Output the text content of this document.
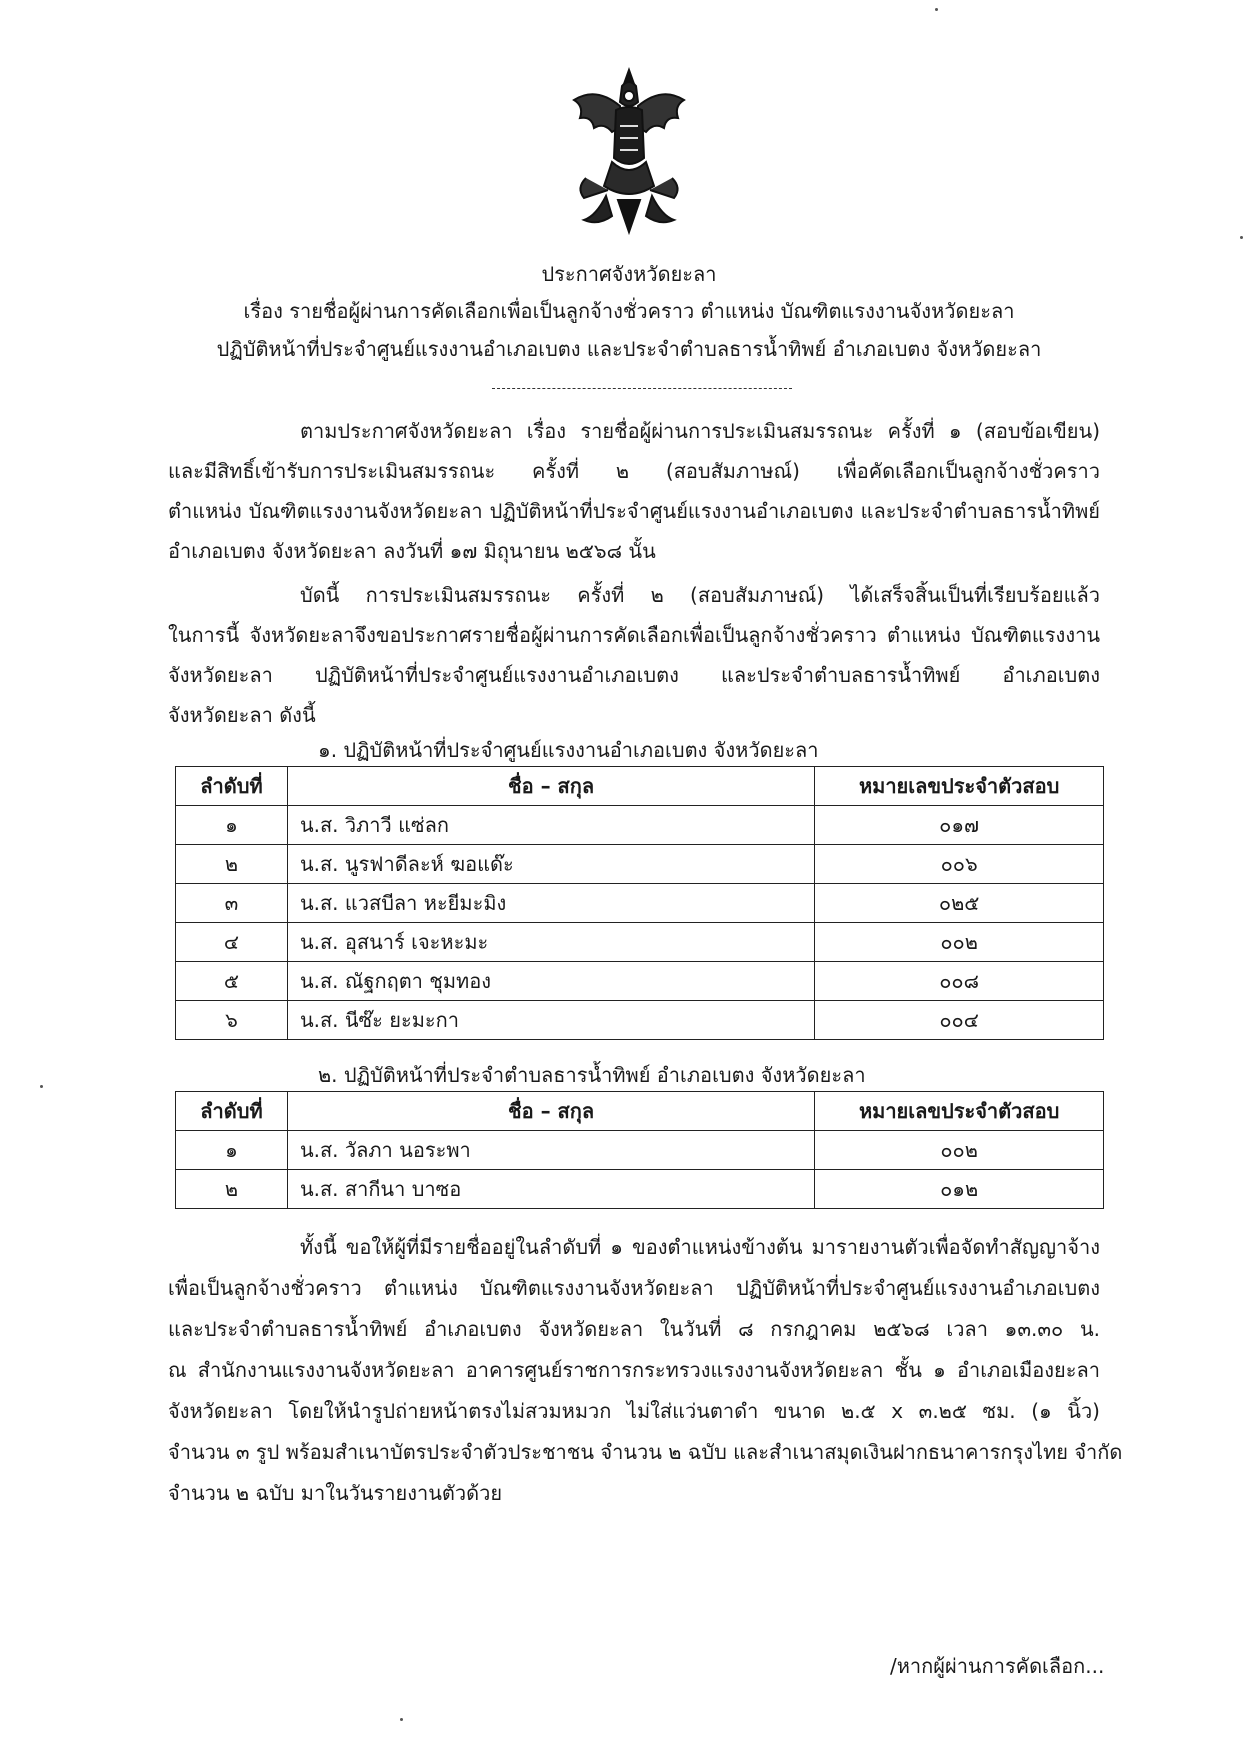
ประกาศจังหวัดยะลา
เรื่อง รายชื่อผู้ผ่านการคัดเลือกเพื่อเป็นลูกจ้างชั่วคราว ตำแหน่ง บัณฑิตแรงงานจังหวัดยะลา
ปฏิบัติหน้าที่ประจำศูนย์แรงงานอำเภอเบตง และประจำตำบลธารน้ำทิพย์ อำเภอเบตง จังหวัดยะลา
ตามประกาศจังหวัดยะลา เรื่อง รายชื่อผู้ผ่านการประเมินสมรรถนะ ครั้งที่ ๑ (สอบข้อเขียน)
และมีสิทธิ์เข้ารับการประเมินสมรรถนะ ครั้งที่ ๒ (สอบสัมภาษณ์) เพื่อคัดเลือกเป็นลูกจ้างชั่วคราว
ตำแหน่ง บัณฑิตแรงงานจังหวัดยะลา ปฏิบัติหน้าที่ประจำศูนย์แรงงานอำเภอเบตง และประจำตำบลธารน้ำทิพย์
อำเภอเบตง จังหวัดยะลา ลงวันที่ ๑๗ มิถุนายน ๒๕๖๘ นั้น
บัดนี้ การประเมินสมรรถนะ ครั้งที่ ๒ (สอบสัมภาษณ์) ได้เสร็จสิ้นเป็นที่เรียบร้อยแล้ว
ในการนี้ จังหวัดยะลาจึงขอประกาศรายชื่อผู้ผ่านการคัดเลือกเพื่อเป็นลูกจ้างชั่วคราว ตำแหน่ง บัณฑิตแรงงาน
จังหวัดยะลา ปฏิบัติหน้าที่ประจำศูนย์แรงงานอำเภอเบตง และประจำตำบลธารน้ำทิพย์ อำเภอเบตง
จังหวัดยะลา ดังนี้
๑. ปฏิบัติหน้าที่ประจำศูนย์แรงงานอำเภอเบตง จังหวัดยะลา
ลำดับที่	ชื่อ – สกุล	หมายเลขประจำตัวสอบ
๑	น.ส. วิภาวี แซ่ลก	๐๑๗
๒	น.ส. นูรฟาดีละห์ ฆอแด๊ะ	๐๐๖
๓	น.ส. แวสบีลา หะยีมะมิง	๐๒๕
๔	น.ส. อุสนาร์ เจะหะมะ	๐๐๒
๕	น.ส. ณัฐกฤตา ชุมทอง	๐๐๘
๖	น.ส. นีซ๊ะ ยะมะกา	๐๐๔
๒. ปฏิบัติหน้าที่ประจำตำบลธารน้ำทิพย์ อำเภอเบตง จังหวัดยะลา
ลำดับที่	ชื่อ – สกุล	หมายเลขประจำตัวสอบ
๑	น.ส. วัลภา นอระพา	๐๐๒
๒	น.ส. สากีนา บาซอ	๐๑๒
ทั้งนี้ ขอให้ผู้ที่มีรายชื่ออยู่ในลำดับที่ ๑ ของตำแหน่งข้างต้น มารายงานตัวเพื่อจัดทำสัญญาจ้าง
เพื่อเป็นลูกจ้างชั่วคราว ตำแหน่ง บัณฑิตแรงงานจังหวัดยะลา ปฏิบัติหน้าที่ประจำศูนย์แรงงานอำเภอเบตง
และประจำตำบลธารน้ำทิพย์ อำเภอเบตง จังหวัดยะลา ในวันที่ ๘ กรกฎาคม ๒๕๖๘ เวลา ๑๓.๓๐ น.
ณ สำนักงานแรงงานจังหวัดยะลา อาคารศูนย์ราชการกระทรวงแรงงานจังหวัดยะลา ชั้น ๑ อำเภอเมืองยะลา
จังหวัดยะลา โดยให้นำรูปถ่ายหน้าตรงไม่สวมหมวก ไม่ใส่แว่นตาดำ ขนาด ๒.๕ x ๓.๒๕ ซม. (๑ นิ้ว)
จำนวน ๓ รูป พร้อมสำเนาบัตรประจำตัวประชาชน จำนวน ๒ ฉบับ และสำเนาสมุดเงินฝากธนาคารกรุงไทย จำกัด
จำนวน ๒ ฉบับ มาในวันรายงานตัวด้วย
/หากผู้ผ่านการคัดเลือก...
